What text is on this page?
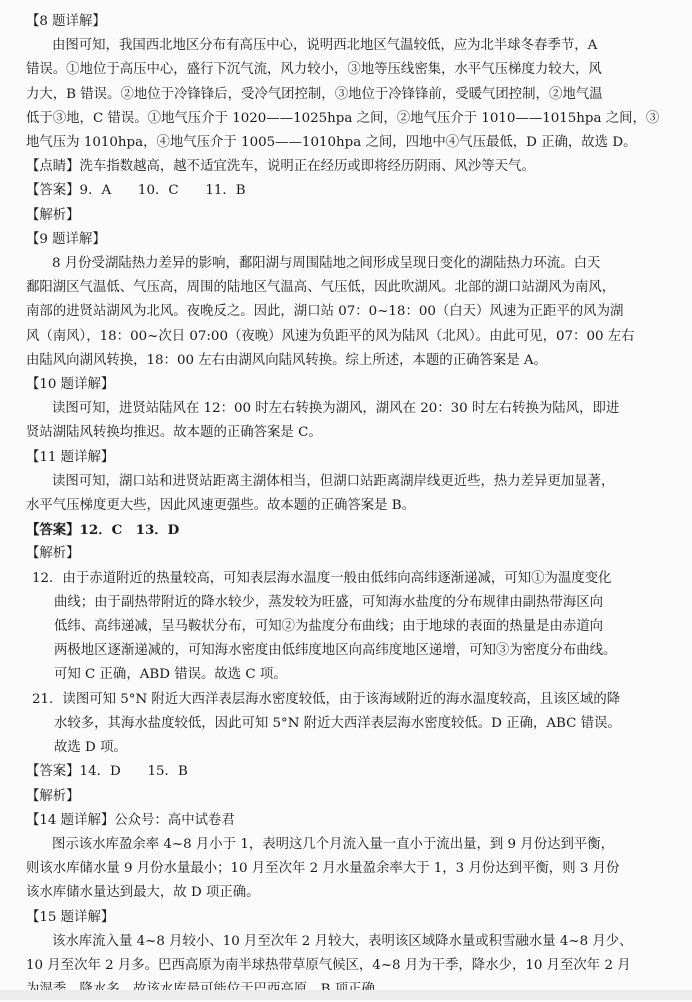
【8 题详解】
由图可知，我国西北地区分布有高压中心，说明西北地区气温较低，应为北半球冬春季节，A
错误。①地位于高压中心，盛行下沉气流，风力较小，③地等压线密集，水平气压梯度力较大，风
力大，B 错误。②地位于冷锋锋后，受冷气团控制，③地位于冷锋锋前，受暖气团控制，②地气温
低于③地，C 错误。①地气压介于 1020——1025hpa 之间，②地气压介于 1010——1015hpa 之间，③
地气压为 1010hpa，④地气压介于 1005——1010hpa 之间，四地中④气压最低，D 正确，故选 D。
【点睛】洗车指数越高，越不适宜洗车，说明正在经历或即将经历阴雨、风沙等天气。
【答案】9．A　　10．C　　11．B
【解析】
【9 题详解】
8 月份受湖陆热力差异的影响，鄱阳湖与周围陆地之间形成呈现日变化的湖陆热力环流。白天
鄱阳湖区气温低、气压高，周围的陆地区气温高、气压低，因此吹湖风。北部的湖口站湖风为南风，
南部的进贤站湖风为北风。夜晚反之。因此，湖口站 07：0~18：00（白天）风速为正距平的风为湖
风（南风），18：00~次日 07:00（夜晚）风速为负距平的风为陆风（北风）。由此可见，07：00 左右
由陆风向湖风转换，18：00 左右由湖风向陆风转换。综上所述，本题的正确答案是 A。
【10 题详解】
读图可知，进贤站陆风在 12：00 时左右转换为湖风，湖风在 20：30 时左右转换为陆风，即进
贤站湖陆风转换均推迟。故本题的正确答案是 C。
【11 题详解】
读图可知，湖口站和进贤站距离主湖体相当，但湖口站距离湖岸线更近些，热力差异更加显著，
水平气压梯度更大些，因此风速更强些。故本题的正确答案是 B。
【答案】12．C　13．D
【解析】
12．由于赤道附近的热量较高，可知表层海水温度一般由低纬向高纬逐渐递减，可知①为温度变化
曲线；由于副热带附近的降水较少，蒸发较为旺盛，可知海水盐度的分布规律由副热带海区向
低纬、高纬递减，呈马鞍状分布，可知②为盐度分布曲线；由于地球的表面的热量是由赤道向
两极地区逐渐递减的，可知海水密度由低纬度地区向高纬度地区递增，可知③为密度分布曲线。
可知 C 正确，ABD 错误。故选 C 项。
21．读图可知 5°N 附近大西洋表层海水密度较低，由于该海域附近的海水温度较高，且该区域的降
水较多，其海水盐度较低，因此可知 5°N 附近大西洋表层海水密度较低。D 正确，ABC 错误。
故选 D 项。
【答案】14．D　　15．B
【解析】
【14 题详解】公众号：高中试卷君
图示该水库盈余率 4~8 月小于 1，表明这几个月流入量一直小于流出量，到 9 月份达到平衡，
则该水库储水量 9 月份水量最小；10 月至次年 2 月水量盈余率大于 1，3 月份达到平衡，则 3 月份
该水库储水量达到最大，故 D 项正确。
【15 题详解】
该水库流入量 4~8 月较小、10 月至次年 2 月较大，表明该区域降水量或积雪融水量 4~8 月少、
10 月至次年 2 月多。巴西高原为南半球热带草原气候区，4~8 月为干季，降水少，10 月至次年 2 月
